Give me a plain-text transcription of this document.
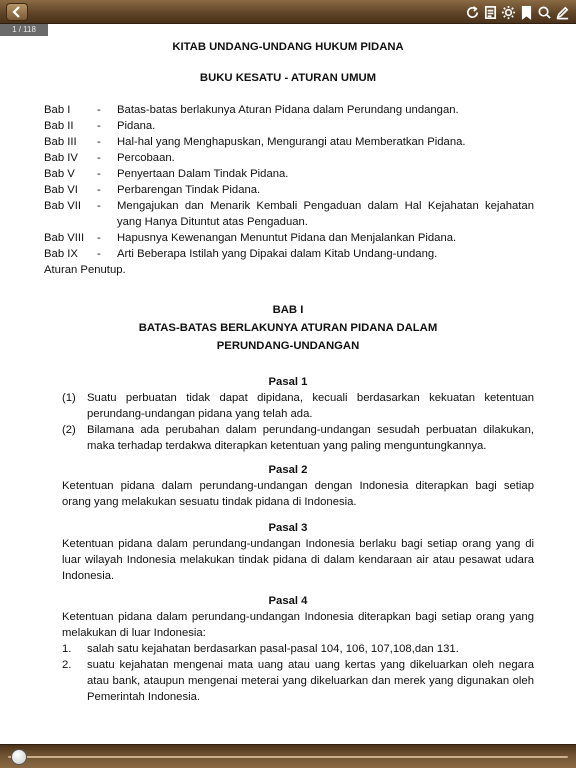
1 / 118
KITAB UNDANG-UNDANG HUKUM PIDANA
BUKU KESATU - ATURAN UMUM
Bab I	-	Batas-batas berlakunya Aturan Pidana dalam Perundang undangan.
Bab II	-	Pidana.
Bab III	-	Hal-hal yang Menghapuskan, Mengurangi atau Memberatkan Pidana.
Bab IV	-	Percobaan.
Bab V	-	Penyertaan Dalam Tindak Pidana.
Bab VI	-	Perbarengan Tindak Pidana.
Bab VII	-	Mengajukan dan Menarik Kembali Pengaduan dalam Hal Kejahatan kejahatan yang Hanya Dituntut atas Pengaduan.
Bab VIII	-	Hapusnya Kewenangan Menuntut Pidana dan Menjalankan Pidana.
Bab IX	-	Arti Beberapa Istilah yang Dipakai dalam Kitab Undang-undang.
Aturan Penutup.
BAB I
BATAS-BATAS BERLAKUNYA ATURAN PIDANA DALAM
PERUNDANG-UNDANGAN
Pasal 1
(1) Suatu perbuatan tidak dapat dipidana, kecuali berdasarkan kekuatan ketentuan perundang-undangan pidana yang telah ada.
(2) Bilamana ada perubahan dalam perundang-undangan sesudah perbuatan dilakukan, maka terhadap terdakwa diterapkan ketentuan yang paling menguntungkannya.
Pasal 2
Ketentuan pidana dalam perundang-undangan dengan Indonesia diterapkan bagi setiap orang yang melakukan sesuatu tindak pidana di Indonesia.
Pasal 3
Ketentuan pidana dalam perundang-undangan Indonesia berlaku bagi setiap orang yang di luar wilayah Indonesia melakukan tindak pidana di dalam kendaraan air atau pesawat udara Indonesia.
Pasal 4
Ketentuan pidana dalam perundang-undangan Indonesia diterapkan bagi setiap orang yang melakukan di luar Indonesia:
1.	salah satu kejahatan berdasarkan pasal-pasal 104, 106, 107,108,dan 131.
2.	suatu kejahatan mengenai mata uang atau uang kertas yang dikeluarkan oleh negara atau bank, ataupun mengenai meterai yang dikeluarkan dan merek yang digunakan oleh Pemerintah Indonesia.
